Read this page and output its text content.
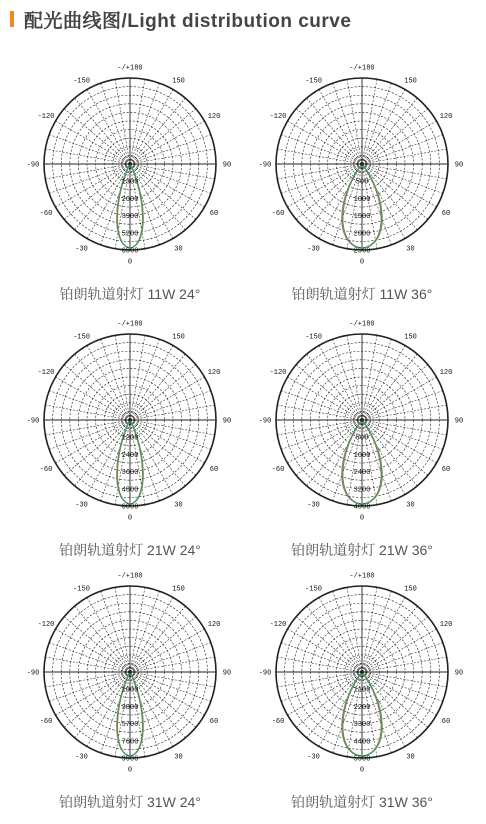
配光曲线图/Light distribution curve
-/+180
150
120
90
60
30
0
-30
-60
-90
-120
-150
1300
2600
3900
5200
6500
铂朗轨道射灯 11W 24°
-/+180
150
120
90
60
30
0
-30
-60
-90
-120
-150
500
1000
1500
2000
2500
铂朗轨道射灯 11W 36°
-/+180
150
120
90
60
30
0
-30
-60
-90
-120
-150
1200
2400
3600
4800
6000
铂朗轨道射灯 21W 24°
-/+180
150
120
90
60
30
0
-30
-60
-90
-120
-150
800
1600
2400
3200
4000
铂朗轨道射灯 21W 36°
-/+180
150
120
90
60
30
0
-30
-60
-90
-120
-150
1900
3800
5700
7600
9500
铂朗轨道射灯 31W 24°
-/+180
150
120
90
60
30
0
-30
-60
-90
-120
-150
1100
2200
3300
4400
5500
铂朗轨道射灯 31W 36°
